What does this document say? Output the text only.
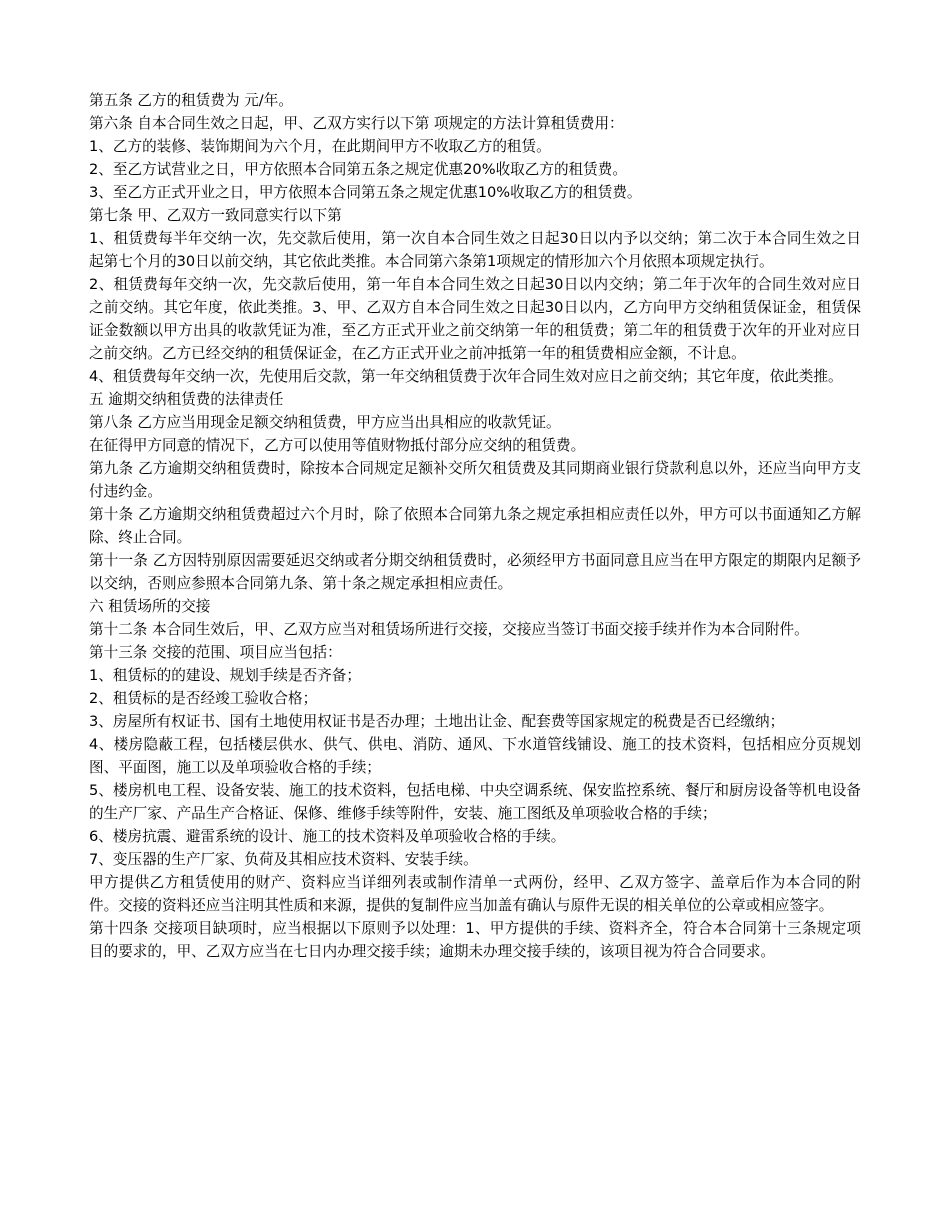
第五条 乙方的租赁费为 元/年。

第六条 自本合同生效之日起，甲、乙双方实行以下第 项规定的方法计算租赁费用：

1、乙方的装修、装饰期间为六个月，在此期间甲方不收取乙方的租赁。

2、至乙方试营业之日，甲方依照本合同第五条之规定优惠20%收取乙方的租赁费。

3、至乙方正式开业之日，甲方依照本合同第五条之规定优惠10%收取乙方的租赁费。

第七条 甲、乙双方一致同意实行以下第

1、租赁费每半年交纳一次，先交款后使用，第一次自本合同生效之日起30日以内予以交纳；第二次于本合同生效之日起第七个月的30日以前交纳，其它依此类推。本合同第六条第1项规定的情形加六个月依照本项规定执行。

2、租赁费每年交纳一次，先交款后使用，第一年自本合同生效之日起30日以内交纳；第二年于次年的合同生效对应日之前交纳。其它年度，依此类推。3、甲、乙双方自本合同生效之日起30日以内，乙方向甲方交纳租赁保证金，租赁保证金数额以甲方出具的收款凭证为准，至乙方正式开业之前交纳第一年的租赁费；第二年的租赁费于次年的开业对应日之前交纳。乙方已经交纳的租赁保证金，在乙方正式开业之前冲抵第一年的租赁费相应金额，不计息。

4、租赁费每年交纳一次，先使用后交款，第一年交纳租赁费于次年合同生效对应日之前交纳；其它年度，依此类推。

五 逾期交纳租赁费的法律责任

第八条 乙方应当用现金足额交纳租赁费，甲方应当出具相应的收款凭证。

在征得甲方同意的情况下，乙方可以使用等值财物抵付部分应交纳的租赁费。

第九条 乙方逾期交纳租赁费时，除按本合同规定足额补交所欠租赁费及其同期商业银行贷款利息以外，还应当向甲方支付违约金。

第十条 乙方逾期交纳租赁费超过六个月时，除了依照本合同第九条之规定承担相应责任以外，甲方可以书面通知乙方解除、终止合同。

第十一条 乙方因特别原因需要延迟交纳或者分期交纳租赁费时，必须经甲方书面同意且应当在甲方限定的期限内足额予以交纳，否则应参照本合同第九条、第十条之规定承担相应责任。

六 租赁场所的交接

第十二条 本合同生效后，甲、乙双方应当对租赁场所进行交接，交接应当签订书面交接手续并作为本合同附件。

第十三条 交接的范围、项目应当包括：

1、租赁标的的建设、规划手续是否齐备；

2、租赁标的是否经竣工验收合格；

3、房屋所有权证书、国有土地使用权证书是否办理；土地出让金、配套费等国家规定的税费是否已经缴纳；

4、楼房隐蔽工程，包括楼层供水、供气、供电、消防、通风、下水道管线铺设、施工的技术资料，包括相应分页规划图、平面图，施工以及单项验收合格的手续；

5、楼房机电工程、设备安装、施工的技术资料，包括电梯、中央空调系统、保安监控系统、餐厅和厨房设备等机电设备的生产厂家、产品生产合格证、保修、维修手续等附件，安装、施工图纸及单项验收合格的手续；

6、楼房抗震、避雷系统的设计、施工的技术资料及单项验收合格的手续。

7、变压器的生产厂家、负荷及其相应技术资料、安装手续。

甲方提供乙方租赁使用的财产、资料应当详细列表或制作清单一式两份，经甲、乙双方签字、盖章后作为本合同的附件。交接的资料还应当注明其性质和来源，提供的复制件应当加盖有确认与原件无误的相关单位的公章或相应签字。

第十四条 交接项目缺项时，应当根据以下原则予以处理：1、甲方提供的手续、资料齐全，符合本合同第十三条规定项目的要求的，甲、乙双方应当在七日内办理交接手续；逾期未办理交接手续的，该项目视为符合合同要求。
